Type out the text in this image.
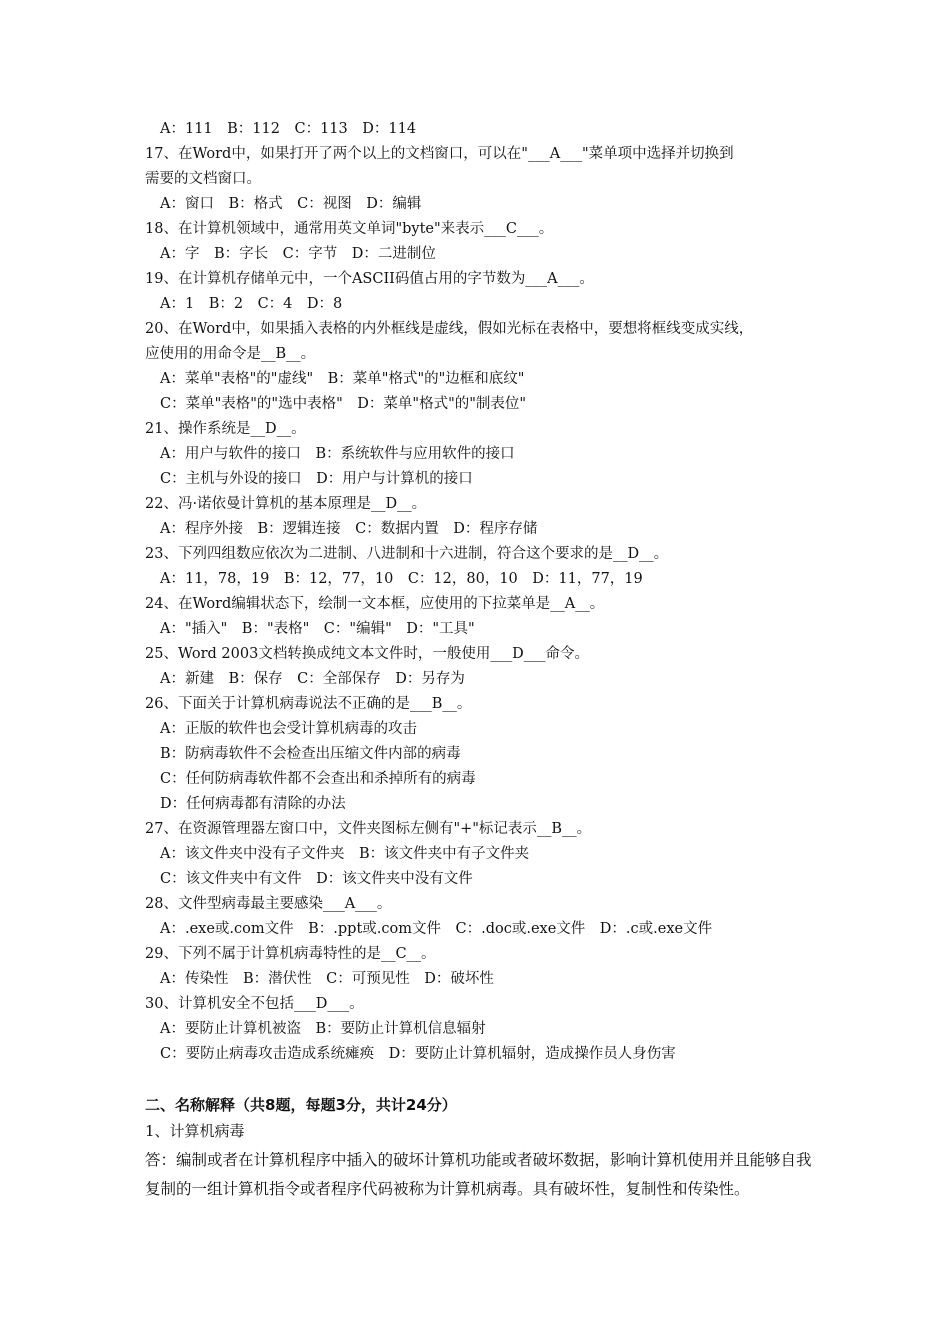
A：111　B：112　C：113　D：114
17、在Word中，如果打开了两个以上的文档窗口，可以在"___A___"菜单项中选择并切换到
需要的文档窗口。
A：窗口　B：格式　C：视图　D：编辑
18、在计算机领域中，通常用英文单词"byte"来表示___C___。
A：字　B：字长　C：字节　D：二进制位
19、在计算机存储单元中，一个ASCII码值占用的字节数为___A___。
A：1　B：2　C：4　D：8
20、在Word中，如果插入表格的内外框线是虚线，假如光标在表格中，要想将框线变成实线，
应使用的用命令是__B__。
A：菜单"表格"的"虚线"　B：菜单"格式"的"边框和底纹"
C：菜单"表格"的"选中表格"　D：菜单"格式"的"制表位"
21、操作系统是__D__。
A：用户与软件的接口　B：系统软件与应用软件的接口
C：主机与外设的接口　D：用户与计算机的接口
22、冯·诺依曼计算机的基本原理是__D__。
A：程序外接　B：逻辑连接　C：数据内置　D：程序存储
23、下列四组数应依次为二进制、八进制和十六进制，符合这个要求的是__D__。
A：11，78，19　B：12，77，10　C：12，80，10　D：11，77，19
24、在Word编辑状态下，绘制一文本框，应使用的下拉菜单是__A__。
A："插入"　B："表格"　C："编辑"　D："工具"
25、Word 2003文档转换成纯文本文件时，一般使用___D___命令。
A：新建　B：保存　C：全部保存　D：另存为
26、下面关于计算机病毒说法不正确的是___B__。
A：正版的软件也会受计算机病毒的攻击
B：防病毒软件不会检查出压缩文件内部的病毒
C：任何防病毒软件都不会查出和杀掉所有的病毒
D：任何病毒都有清除的办法
27、在资源管理器左窗口中，文件夹图标左侧有"+"标记表示__B__。
A：该文件夹中没有子文件夹　B：该文件夹中有子文件夹
C：该文件夹中有文件　D：该文件夹中没有文件
28、文件型病毒最主要感染___A___。
A：.exe或.com文件　B：.ppt或.com文件　C：.doc或.exe文件　D：.c或.exe文件
29、下列不属于计算机病毒特性的是__C__。
A：传染性　B：潜伏性　C：可预见性　D：破坏性
30、计算机安全不包括___D___。
A：要防止计算机被盗　B：要防止计算机信息辐射
C：要防止病毒攻击造成系统瘫痪　D：要防止计算机辐射，造成操作员人身伤害
二、名称解释（共8题，每题3分，共计24分）
1、计算机病毒
答：编制或者在计算机程序中插入的破坏计算机功能或者破坏数据，影响计算机使用并且能够自我复制的一组计算机指令或者程序代码被称为计算机病毒。具有破坏性，复制性和传染性。
